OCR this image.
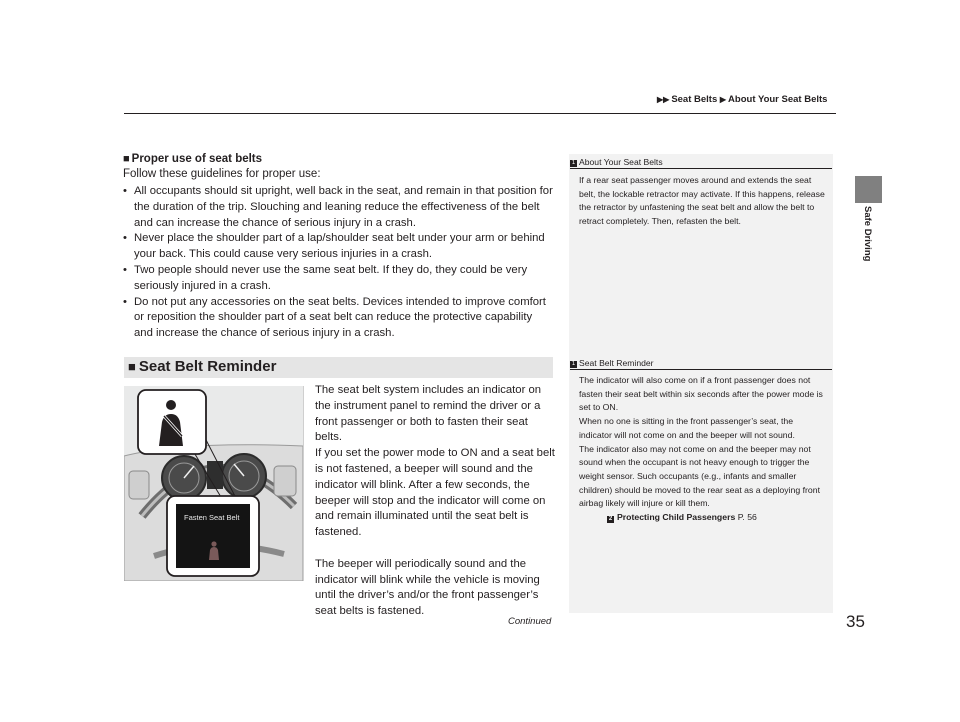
▶▶ Seat Belts ▶ About Your Seat Belts
Safe Driving
■ Proper use of seat belts
Follow these guidelines for proper use:
• All occupants should sit upright, well back in the seat, and remain in that position for the duration of the trip. Slouching and leaning reduce the effectiveness of the belt and can increase the chance of serious injury in a crash.
• Never place the shoulder part of a lap/shoulder seat belt under your arm or behind your back. This could cause very serious injuries in a crash.
• Two people should never use the same seat belt. If they do, they could be very seriously injured in a crash.
• Do not put any accessories on the seat belts. Devices intended to improve comfort or reposition the shoulder part of a seat belt can reduce the protective capability and increase the chance of serious injury in a crash.
■ Seat Belt Reminder
Fasten Seat Belt

The seat belt system includes an indicator on the instrument panel to remind the driver or a front passenger or both to fasten their seat belts.

If you set the power mode to ON and a seat belt is not fastened, a beeper will sound and the indicator will blink. After a few seconds, the beeper will stop and the indicator will come on and remain illuminated until the seat belt is fastened.

The beeper will periodically sound and the indicator will blink while the vehicle is moving until the driver’s and/or the front passenger’s seat belts is fastened.

1 About Your Seat Belts

If a rear seat passenger moves around and extends the seat belt, the lockable retractor may activate. If this happens, release the retractor by unfastening the seat belt and allow the belt to retract completely. Then, refasten the belt.

1 Seat Belt Reminder

The indicator will also come on if a front passenger does not fasten their seat belt within six seconds after the power mode is set to ON.

When no one is sitting in the front passenger’s seat, the indicator will not come on and the beeper will not sound.

The indicator also may not come on and the beeper may not sound when the occupant is not heavy enough to trigger the weight sensor. Such occupants (e.g., infants and smaller children) should be moved to the rear seat as a deploying front airbag likely will injure or kill them.

2 Protecting Child Passengers P. 56

Continued	35
